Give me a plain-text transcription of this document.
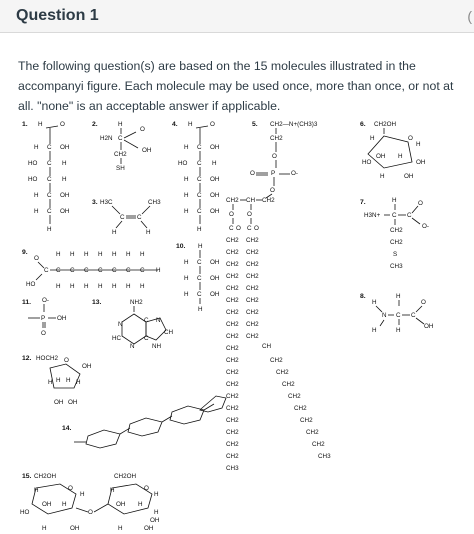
Question 1	(
The following question(s) are based on the 15 molecules illustrated in the accompanyi figure. Each molecule may be used once, more than once, or not at all. "none" is an acceptable answer if applicable.
1.	2.
3.
4.	5.	6.
7.
8.
9.
10.
11.
12.
13.
14.
15.
H	O
H C OH
HO C H
HO C H
H C OH
H C OH
H
H
H2N C
O
OH
CH2
SH
H3C
C C
CH3
H	H
H	O
H C OH
HO C H
H C OH
H C OH
H C OH
H
CH2—N+(CH3)3
CH2
O
O	P	O-
O
CH2 CH CH2
O O
C O C O
CH2
CH2
CH2
CH2
CH2
CH2
CH2
CH2
CH2
CH2
CH2
CH2
CH2
CH2
CH2
CH2
CH2
CH2
CH2
CH3
CH2
CH2
CH2
CH2
CH2
CH2
CH2
CH2
CH2
CH
CH2
CH2
CH2
CH2
CH2
CH2
CH2
CH2
CH3
CH2OH
H	O
H
OH H
HO	OH
H	OH
H
H3N+ C C
O
O-
CH2
CH2
S
CH3
H
H
N C C
O
OH
H	H
O
C
HO
H H H H H H H
C C C C C C C H
H H H H H H H
H
H C OH
H C OH
H C OH
H
O-
P OH
O
HOCH2 O
OH
H H H H
OH OH
NH2
N
C N
CH
HC
N
C
NH
CH2OH	CH2OH
H	O
H
H	O
H
OH H	OH H
HO	O	H
OH
H	OH	H	OH
